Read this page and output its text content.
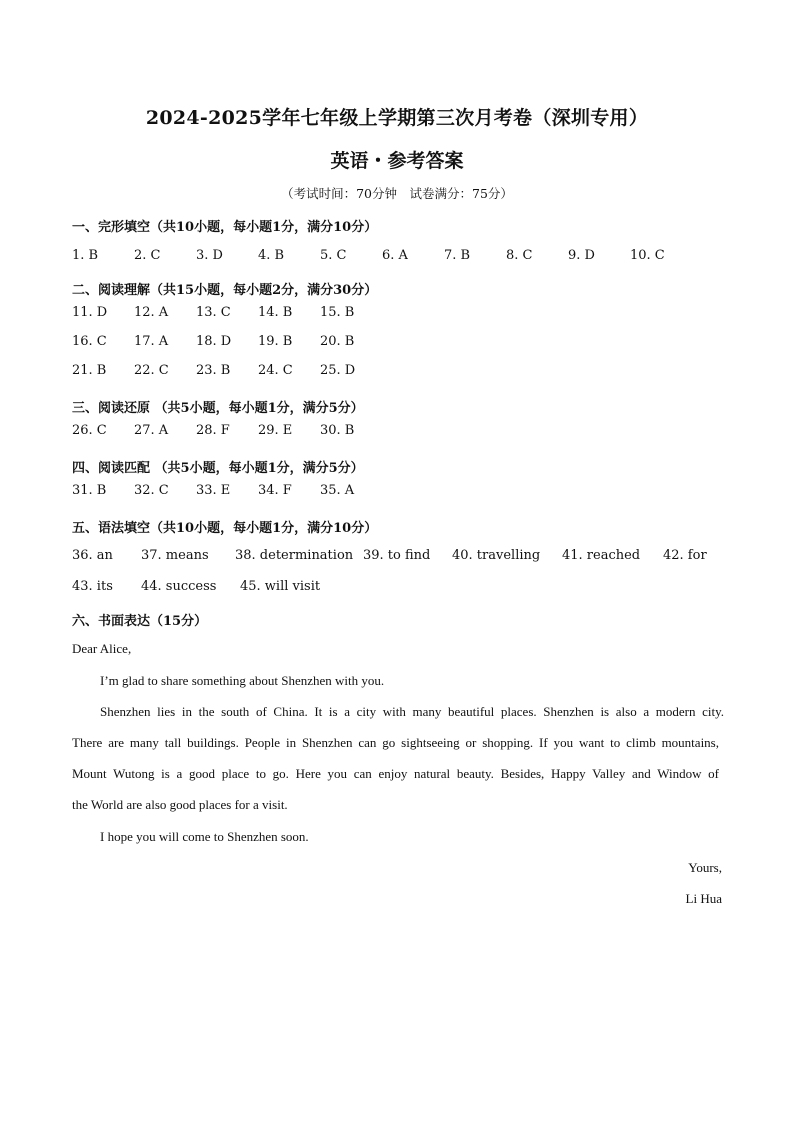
2024-2025学年七年级上学期第三次月考卷（深圳专用）
英语・参考答案
（考试时间：70分钟　试卷满分：75分）
一、完形填空（共10小题，每小题1分，满分10分）
1. B	2. C	3. D	4. B	5. C	6. A	7. B	8. C	9. D	10. C
二、阅读理解（共15小题，每小题2分，满分30分）
11. D 12. A 13. C 14. B 15. B
16. C 17. A 18. D 19. B 20. B
21. B 22. C 23. B 24. C 25. D
三、阅读还原 （共5小题，每小题1分，满分5分）
26. C 27. A 28. F 29. E 30. B
四、阅读匹配 （共5小题，每小题1分，满分5分）
31. B 32. C 33. E 34. F 35. A
五、语法填空（共10小题，每小题1分，满分10分）
36. an 37. means 38. determination 39. to find 40. travelling 41. reached 42. for
43. its 44. success 45. will visit
六、书面表达（15分）
Dear Alice,
I’m glad to share something about Shenzhen with you.
Shenzhen lies in the south of China. It is a city with many beautiful places. Shenzhen is also a modern city.
There are many tall buildings. People in Shenzhen can go sightseeing or shopping. If you want to climb mountains,
Mount Wutong is a good place to go. Here you can enjoy natural beauty. Besides, Happy Valley and Window of
the World are also good places for a visit.
I hope you will come to Shenzhen soon.
Yours,
Li Hua
